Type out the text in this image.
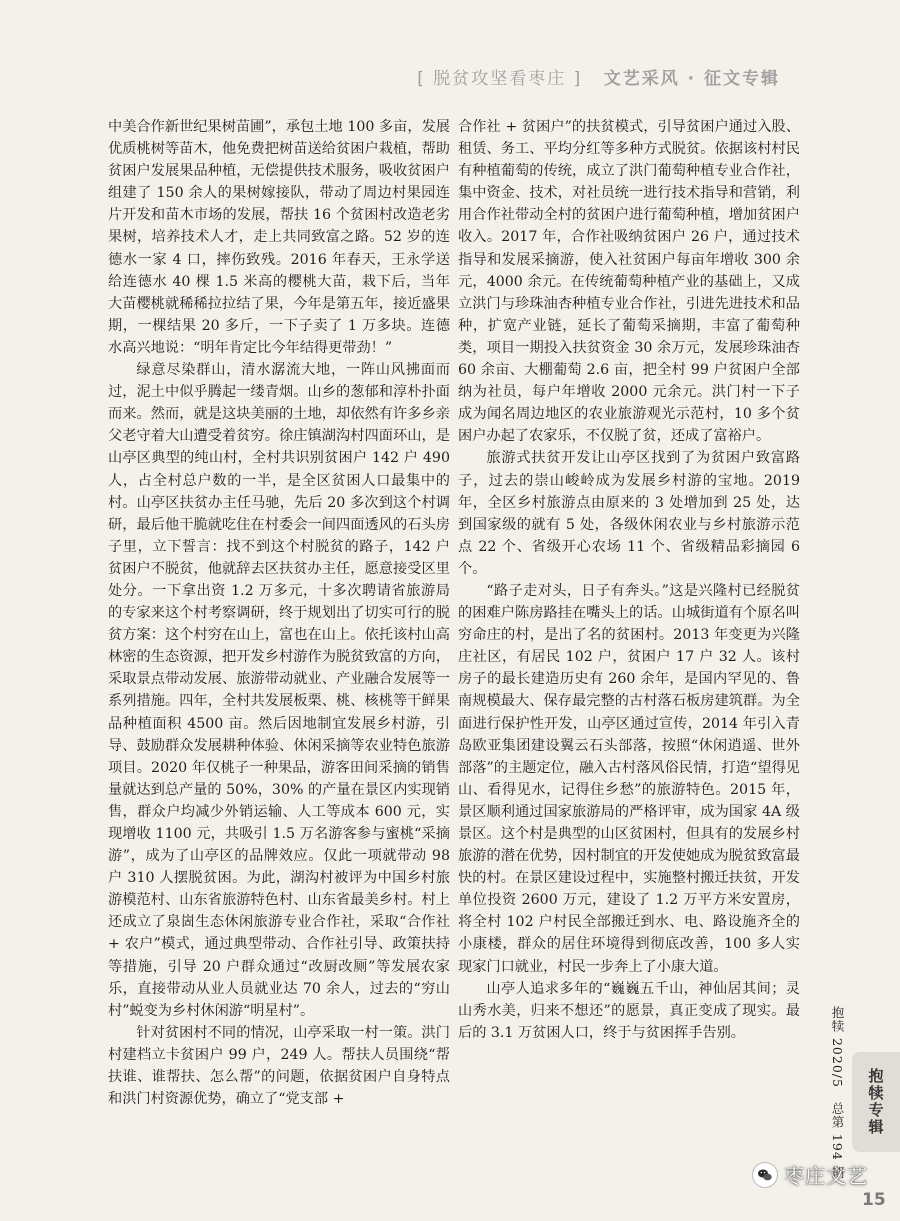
[ 脱贫攻坚看枣庄 ] 文艺采风 · 征文专辑

中美合作新世纪果树苗圃”，承包土地 100 多亩，发展优质桃树等苗木，他免费把树苗送给贫困户栽植，帮助贫困户发展果品种植，无偿提供技术服务，吸收贫困户组建了 150 余人的果树嫁接队，带动了周边村果园连片开发和苗木市场的发展，帮扶 16 个贫困村改造老劣果树，培养技术人才，走上共同致富之路。52 岁的连德水一家 4 口，摔伤致残。2016 年春天，王永学送给连德水 40 棵 1.5 米高的樱桃大苗，栽下后，当年大苗樱桃就稀稀拉拉结了果，今年是第五年，接近盛果期，一棵结果 20 多斤，一下子卖了 1 万多块。连德水高兴地说：“明年肯定比今年结得更带劲！”

绿意尽染群山，清水潺流大地，一阵山风拂面而过，泥土中似乎腾起一缕青烟。山乡的葱郁和淳朴扑面而来。然而，就是这块美丽的土地，却依然有许多乡亲父老守着大山遭受着贫穷。徐庄镇湖沟村四面环山，是山亭区典型的纯山村，全村共识别贫困户 142 户 490 人，占全村总户数的一半，是全区贫困人口最集中的村。山亭区扶贫办主任马驰，先后 20 多次到这个村调研，最后他干脆就吃住在村委会一间四面透风的石头房子里，立下誓言：找不到这个村脱贫的路子，142 户贫困户不脱贫，他就辞去区扶贫办主任，愿意接受区里处分。一下拿出资 1.2 万多元，十多次聘请省旅游局的专家来这个村考察调研，终于规划出了切实可行的脱贫方案：这个村穷在山上，富也在山上。依托该村山高林密的生态资源，把开发乡村游作为脱贫致富的方向，采取景点带动发展、旅游带动就业、产业融合发展等一系列措施。四年，全村共发展板栗、桃、核桃等干鲜果品种植面积 4500 亩。然后因地制宜发展乡村游，引导、鼓励群众发展耕种体验、休闲采摘等农业特色旅游项目。2020 年仅桃子一种果品，游客田间采摘的销售量就达到总产量的 50%，30% 的产量在景区内实现销售，群众户均减少外销运输、人工等成本 600 元，实现增收 1100 元，共吸引 1.5 万名游客参与蜜桃“采摘游”，成为了山亭区的品牌效应。仅此一项就带动 98 户 310 人摆脱贫困。为此，湖沟村被评为中国乡村旅游模范村、山东省旅游特色村、山东省最美乡村。村上还成立了泉崮生态休闲旅游专业合作社，采取“合作社 + 农户”模式，通过典型带动、合作社引导、政策扶持等措施，引导 20 户群众通过“改厨改厕”等发展农家乐，直接带动从业人员就业达 70 余人，过去的“穷山村”蜕变为乡村休闲游“明星村”。

针对贫困村不同的情况，山亭采取一村一策。洪门村建档立卡贫困户 99 户，249 人。帮扶人员围绕“帮扶谁、谁帮扶、怎么帮”的问题，依据贫困户自身特点和洪门村资源优势，确立了“党支部 +

合作社 + 贫困户”的扶贫模式，引导贫困户通过入股、租赁、务工、平均分红等多种方式脱贫。依据该村村民有种植葡萄的传统，成立了洪门葡萄种植专业合作社，集中资金、技术，对社员统一进行技术指导和营销，利用合作社带动全村的贫困户进行葡萄种植，增加贫困户收入。2017 年，合作社吸纳贫困户 26 户，通过技术指导和发展采摘游，使入社贫困户每亩年增收 300 余元，4000 余元。在传统葡萄种植产业的基础上，又成立洪门与珍珠油杏种植专业合作社，引进先进技术和品种，扩宽产业链，延长了葡萄采摘期，丰富了葡萄种类，项目一期投入扶贫资金 30 余万元，发展珍珠油杏 60 余亩、大棚葡萄 2.6 亩，把全村 99 户贫困户全部纳为社员，每户年增收 2000 元余元。洪门村一下子成为闻名周边地区的农业旅游观光示范村，10 多个贫困户办起了农家乐，不仅脱了贫，还成了富裕户。

旅游式扶贫开发让山亭区找到了为贫困户致富路子，过去的崇山峻岭成为发展乡村游的宝地。2019 年，全区乡村旅游点由原来的 3 处增加到 25 处，达到国家级的就有 5 处，各级休闲农业与乡村旅游示范点 22 个、省级开心农场 11 个、省级精品彩摘园 6 个。

“路子走对头，日子有奔头。”这是兴隆村已经脱贫的困难户陈房路挂在嘴头上的话。山城街道有个原名叫穷命庄的村，是出了名的贫困村。2013 年变更为兴隆庄社区，有居民 102 户，贫困户 17 户 32 人。该村房子的最长建造历史有 260 余年，是国内罕见的、鲁南规模最大、保存最完整的古村落石板房建筑群。为全面进行保护性开发，山亭区通过宣传，2014 年引入青岛欧亚集团建设翼云石头部落，按照“休闲逍遥、世外部落”的主题定位，融入古村落风俗民情，打造“望得见山、看得见水，记得住乡愁”的旅游特色。2015 年，景区顺利通过国家旅游局的严格评审，成为国家 4A 级景区。这个村是典型的山区贫困村，但具有的发展乡村旅游的潜在优势，因村制宜的开发使她成为脱贫致富最快的村。在景区建设过程中，实施整村搬迁扶贫，开发单位投资 2600 万元，建设了 1.2 万平方米安置房，将全村 102 户村民全部搬迁到水、电、路设施齐全的小康楼，群众的居住环境得到彻底改善，100 多人实现家门口就业，村民一步奔上了小康大道。

山亭人追求多年的“巍巍五千山，神仙居其间；灵山秀水美，归来不想还”的愿景，真正变成了现实。最后的 3.1 万贫困人口，终于与贫困挥手告别。	抱犊 2020/5总第 194 期 抱犊专辑
15
枣庄文艺
